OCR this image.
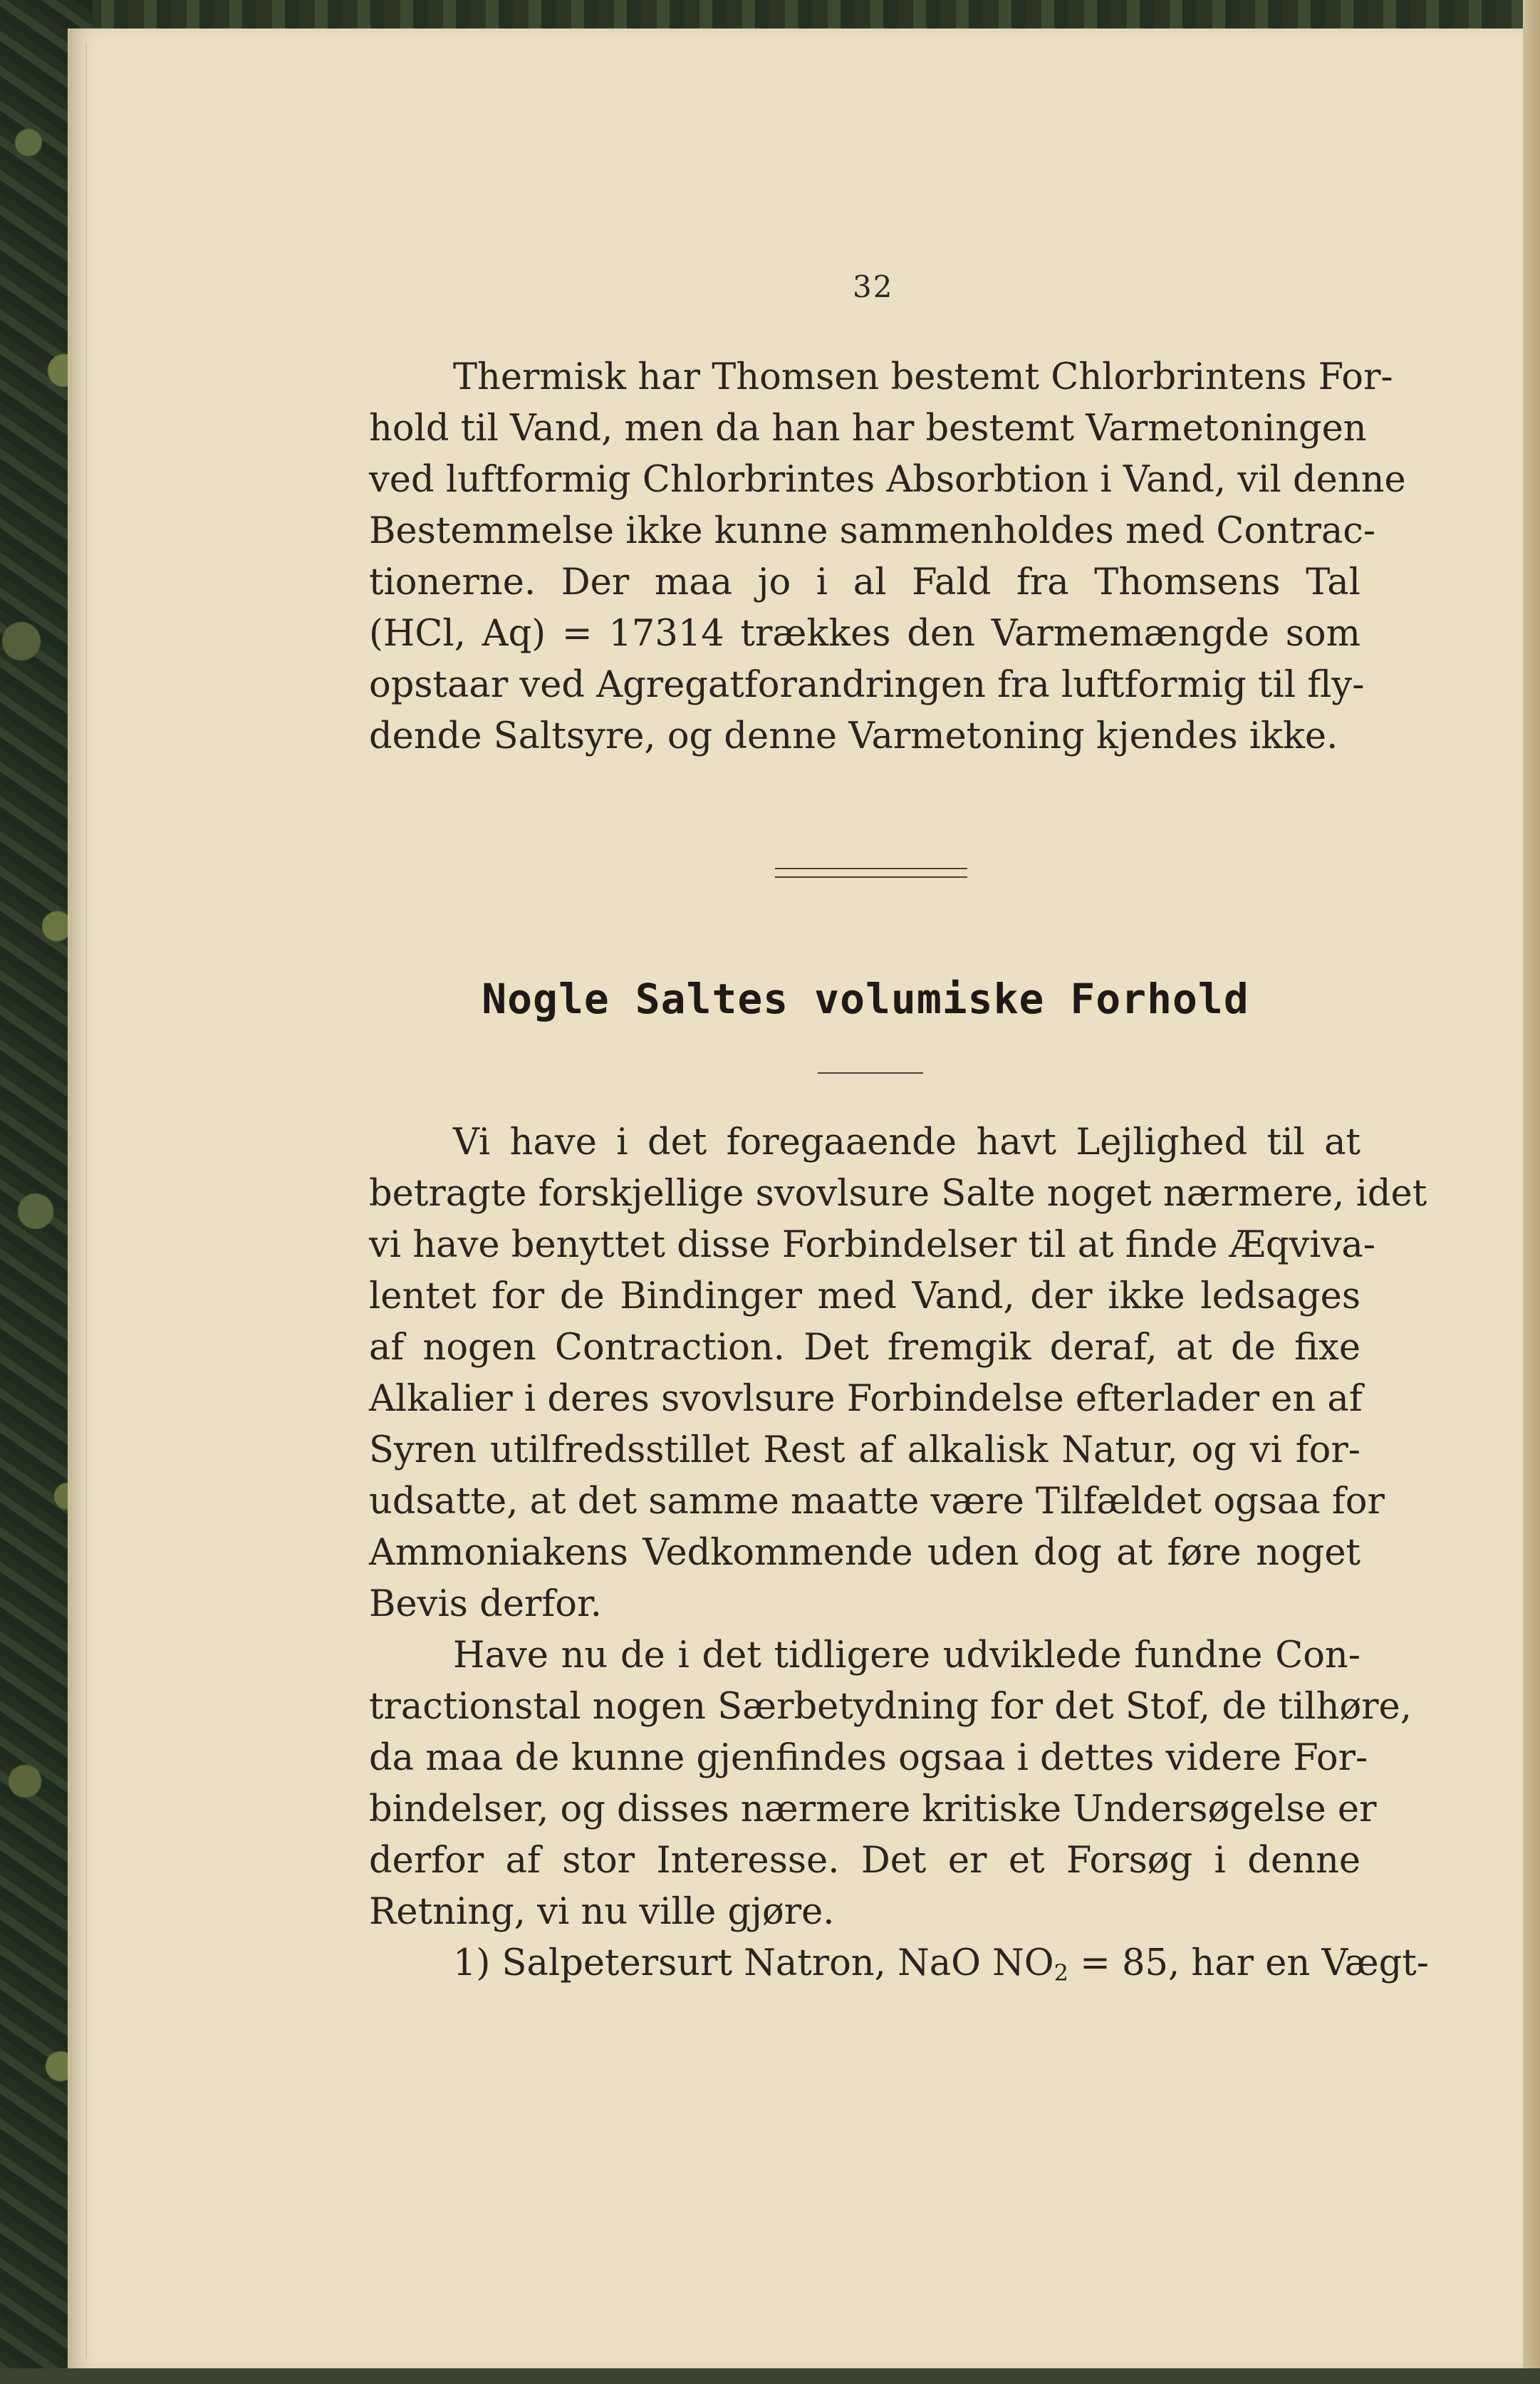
32

Thermisk har Thomsen bestemt Chlorbrintens For-

hold til Vand, men da han har bestemt Varmetoningen

ved luftformig Chlorbrintes Absorbtion i Vand, vil denne

Bestemmelse ikke kunne sammenholdes med Contrac-

tionerne. Der maa jo i al Fald fra Thomsens Tal

(HCl, Aq) = 17314 trækkes den Varmemængde som

opstaar ved Agregatforandringen fra luftformig til fly-

dende Saltsyre, og denne Varmetoning kjendes ikke.

Nogle Saltes volumiske Forhold

Vi have i det foregaaende havt Lejlighed til at

betragte forskjellige svovlsure Salte noget nærmere, idet

vi have benyttet disse Forbindelser til at finde Æqviva-

lentet for de Bindinger med Vand, der ikke ledsages

af nogen Contraction. Det fremgik deraf, at de fixe

Alkalier i deres svovlsure Forbindelse efterlader en af

Syren utilfredsstillet Rest af alkalisk Natur, og vi for-

udsatte, at det samme maatte være Tilfældet ogsaa for

Ammoniakens Vedkommende uden dog at føre noget

Bevis derfor.

Have nu de i det tidligere udviklede fundne Con-

tractionstal nogen Særbetydning for det Stof, de tilhøre,

da maa de kunne gjenfindes ogsaa i dettes videre For-

bindelser, og disses nærmere kritiske Undersøgelse er

derfor af stor Interesse. Det er et Forsøg i denne

Retning, vi nu ville gjøre.

1) Salpetersurt Natron, NaO $NO_2 = 85$, har en Vægt-
